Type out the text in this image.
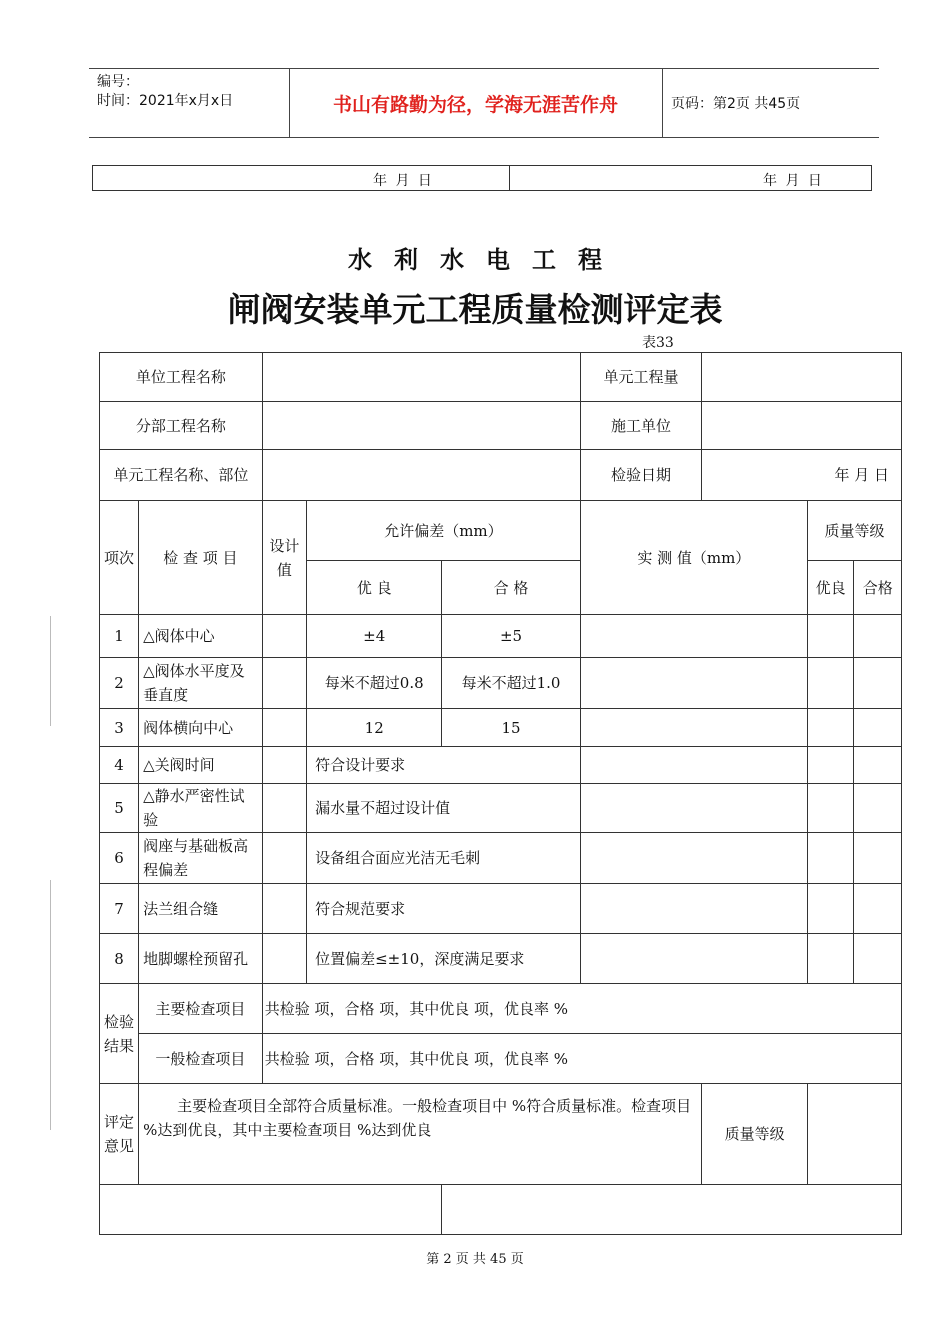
编号：
时间：2021年x月x日	书山有路勤为径，学海无涯苦作舟	页码：第2页 共45页
年 月 日	年 月 日
水利水电工程
闸阀安装单元工程质量检测评定表
表33
单位工程名称					单元工程量			
分部工程名称					施工单位			
单元工程名称、部位					检验日期	年 月 日		
项次	检 查 项 目	设计值	允许偏差（mm）		实 测 值（mm）		质量等级	
			优 良	合 格			优良	合格
1	△阀体中心		±4	±5				
2	△阀体水平度及垂直度		每米不超过0.8	每米不超过1.0				
3	阀体横向中心		12	15				
4	△关阀时间		符合设计要求					
5	△静水严密性试验		漏水量不超过设计值					
6	阀座与基础板高程偏差		设备组合面应光洁无毛刺					
7	法兰组合缝		符合规范要求					
8	地脚螺栓预留孔		位置偏差≤±10，深度满足要求					
检验结果	主要检查项目	共检验 项，合格 项，其中优良 项，优良率 %						
	一般检查项目	共检验 项，合格 项，其中优良 项，优良率 %						
评定意见	主要检查项目全部符合质量标准。一般检查项目中 %符合质量标准。检查项目 %达到优良，其中主要检查项目 %达到优良					质量等级		

第 2 页 共 45 页
